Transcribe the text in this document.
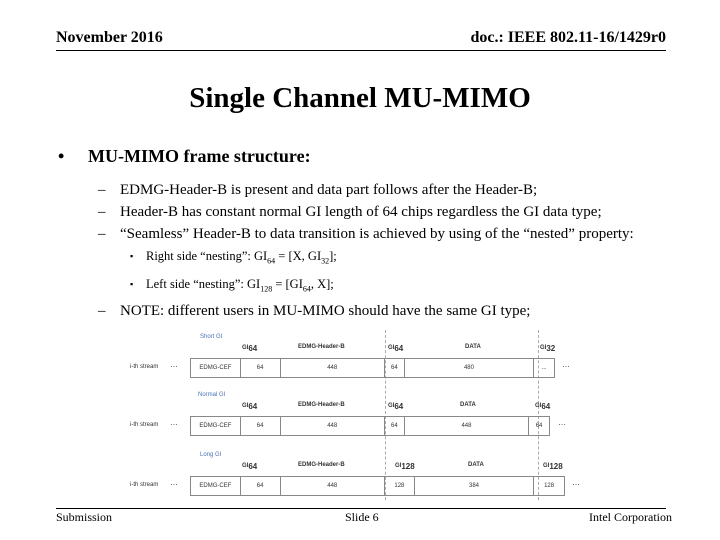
November 2016	doc.: IEEE 802.11-16/1429r0
Single Channel MU-MIMO
• MU-MIMO frame structure:
– EDMG-Header-B is present and data part follows after the Header-B;
– Header-B has constant normal GI length of 64 chips regardless the GI data type;
– “Seamless” Header-B to data transition is achieved by using of the “nested” property:
▪ Right side “nesting”: $GI_{64} = [X$, $GI_{32}$];
▪ Left side “nesting”: $GI_{128} = [GI_{64}$, X];
– NOTE: different users in MU-MIMO should have the same GI type;
Short GI
$GI_{64}$	EDMG-Header-B	$GI_{64}$	DATA	$GI_{32}$
i-th stream …	EDMG-CEF	64	448	64	480	...	…
Normal GI
$GI_{64}$	EDMG-Header-B	$GI_{64}$	DATA	$GI_{64}$
i-th stream …	EDMG-CEF	64	448	64	448	64	…
Long GI
$GI_{64}$	EDMG-Header-B	$GI_{128}$	DATA	$GI_{128}$
i-th stream …	EDMG-CEF	64	448	128	384	128	…
Submission	Slide 6	Intel Corporation
